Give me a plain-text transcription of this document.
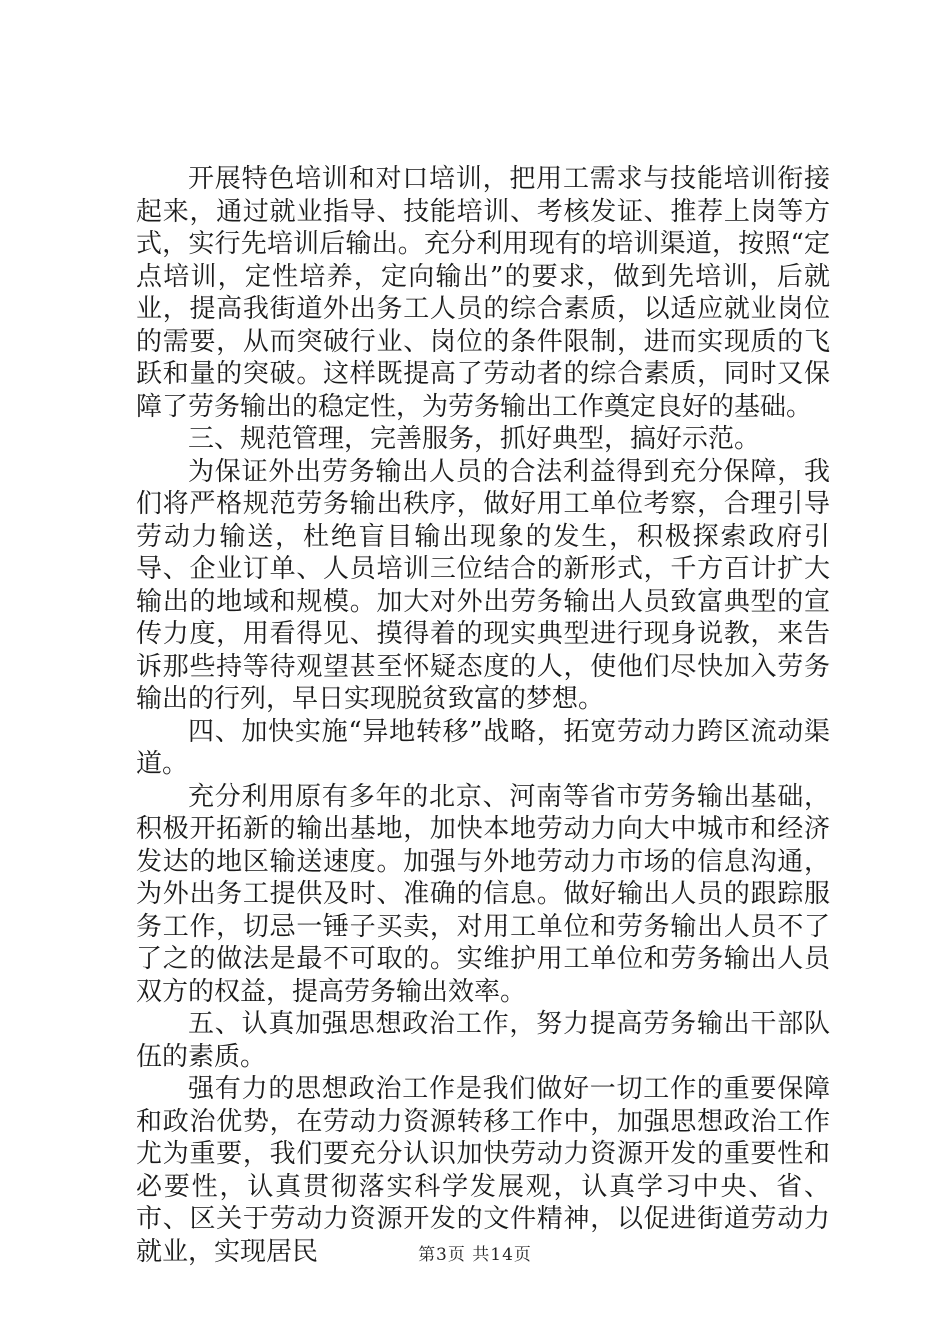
开展特色培训和对口培训，把用工需求与技能培训衔接起来，通过就业指导、技能培训、考核发证、推荐上岗等方式，实行先培训后输出。充分利用现有的培训渠道，按照“定点培训，定性培养，定向输出”的要求，做到先培训，后就业，提高我街道外出务工人员的综合素质，以适应就业岗位的需要，从而突破行业、岗位的条件限制，进而实现质的飞跃和量的突破。这样既提高了劳动者的综合素质，同时又保障了劳务输出的稳定性，为劳务输出工作奠定良好的基础。

三、规范管理，完善服务，抓好典型，搞好示范。

为保证外出劳务输出人员的合法利益得到充分保障，我们将严格规范劳务输出秩序，做好用工单位考察，合理引导劳动力输送，杜绝盲目输出现象的发生，积极探索政府引导、企业订单、人员培训三位结合的新形式，千方百计扩大输出的地域和规模。加大对外出劳务输出人员致富典型的宣传力度，用看得见、摸得着的现实典型进行现身说教，来告诉那些持等待观望甚至怀疑态度的人，使他们尽快加入劳务输出的行列，早日实现脱贫致富的梦想。

四、加快实施“异地转移”战略，拓宽劳动力跨区流动渠道。

充分利用原有多年的北京、河南等省市劳务输出基础，积极开拓新的输出基地，加快本地劳动力向大中城市和经济发达的地区输送速度。加强与外地劳动力市场的信息沟通，为外出务工提供及时、准确的信息。做好输出人员的跟踪服务工作，切忌一锤子买卖，对用工单位和劳务输出人员不了了之的做法是最不可取的。实维护用工单位和劳务输出人员双方的权益，提高劳务输出效率。

五、认真加强思想政治工作，努力提高劳务输出干部队伍的素质。

强有力的思想政治工作是我们做好一切工作的重要保障和政治优势，在劳动力资源转移工作中，加强思想政治工作尤为重要，我们要充分认识加快劳动力资源开发的重要性和必要性，认真贯彻落实科学发展观，认真学习中央、省、市、区关于劳动力资源开发的文件精神，以促进街道劳动力就业，实现居民	第3页 共14页
